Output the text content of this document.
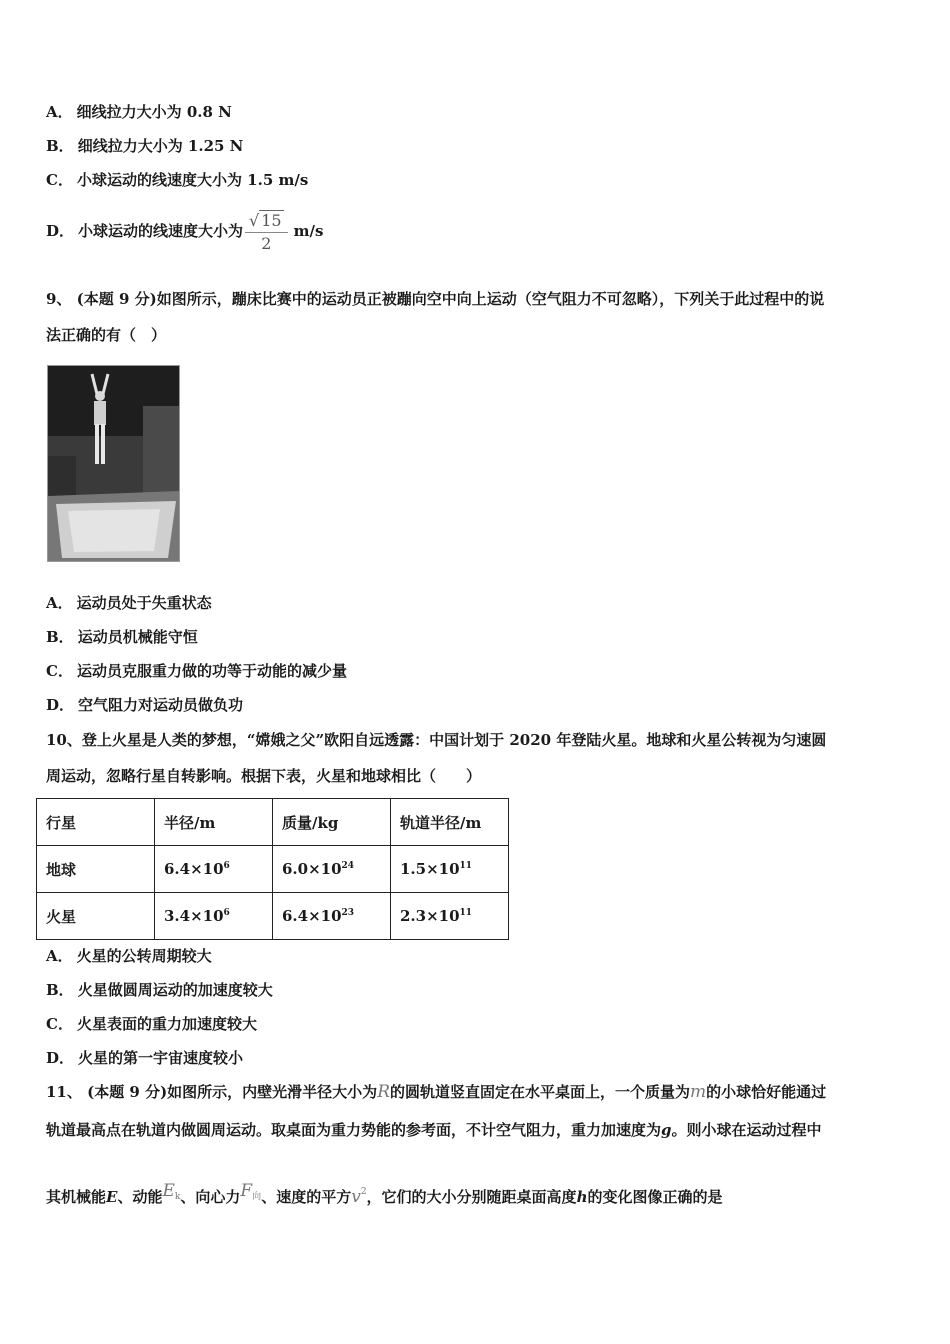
A． 细线拉力大小为 0.8 N
B． 细线拉力大小为 1.25 N
C． 小球运动的线速度大小为 1.5 m/s
D． 小球运动的线速度大小为 $\frac{√ 15}{2} m/s$
9、 (本题 9 分)如图所示，蹦床比赛中的运动员正被蹦向空中向上运动（空气阻力不可忽略），下列关于此过程中的说
法正确的有（　）
A． 运动员处于失重状态
B． 运动员机械能守恒
C． 运动员克服重力做的功等于动能的减少量
D． 空气阻力对运动员做负功
10、登上火星是人类的梦想，“嫦娥之父”欧阳自远透露：中国计划于 2020 年登陆火星。地球和火星公转视为匀速圆
周运动，忽略行星自转影响。根据下表，火星和地球相比（　　）
行星	半径/m	质量/kg	轨道半径/m
地球	$6.4\times 10^6$	$6.0\times 10^{24}$	$1.5\times 10^{11}$
火星	$3.4\times 10^6$	$6.4\times 10^{23}$	$2.3\times 10^{11}$
A． 火星的公转周期较大
B． 火星做圆周运动的加速度较大
C． 火星表面的重力加速度较大
D． 火星的第一宇宙速度较小
11、 (本题 9 分)如图所示，内壁光滑半径大小为R的圆轨道竖直固定在水平桌面上，一个质量为m的小球恰好能通过
轨道最高点在轨道内做圆周运动。取桌面为重力势能的参考面，不计空气阻力，重力加速度为g。则小球在运动过程中
其机械能E、动能$E_k$、向心力$F_向$、速度的平方$v^2$，它们的大小分别随距桌面高度h的变化图像正确的是
